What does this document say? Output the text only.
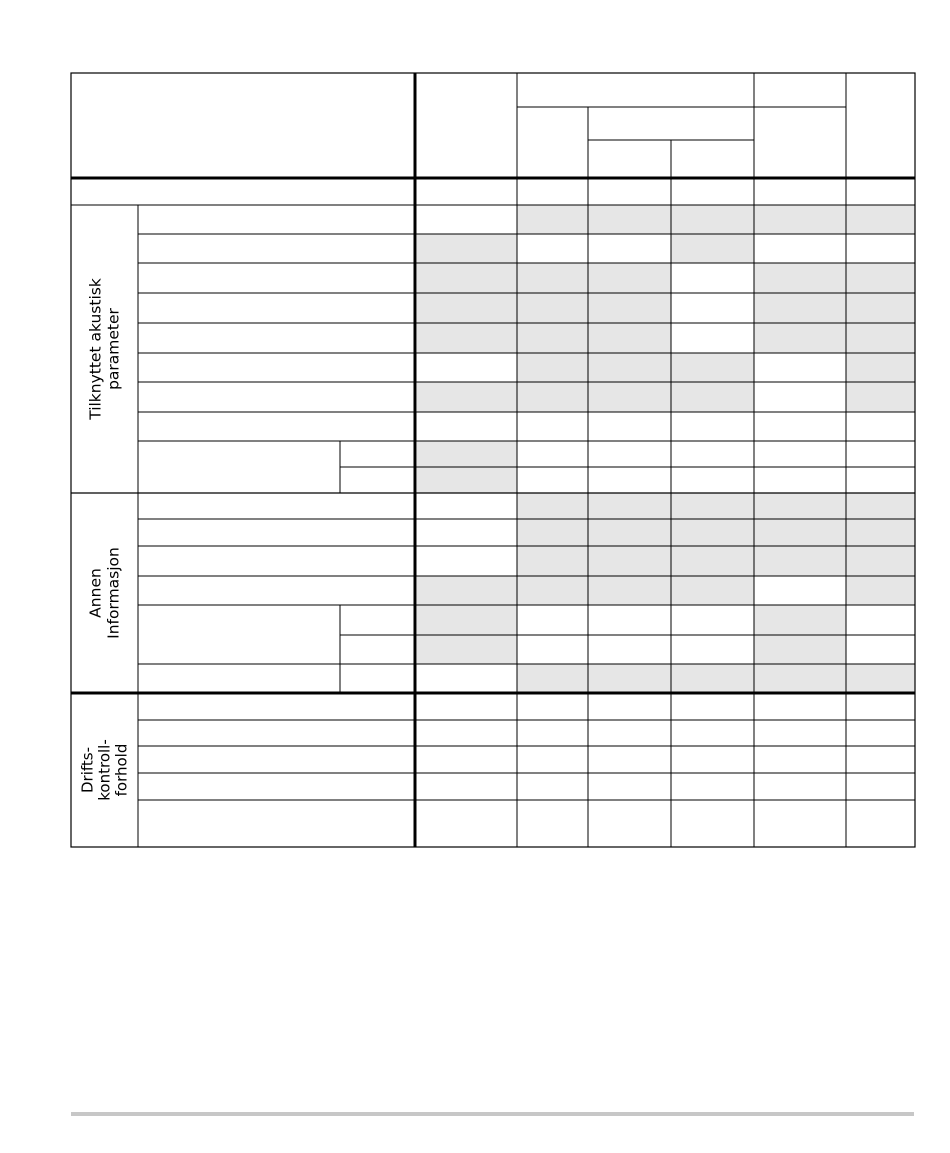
Tilknyttet akustisk parameter
Annen Informasjon
Drifts- kontroll- forhold
